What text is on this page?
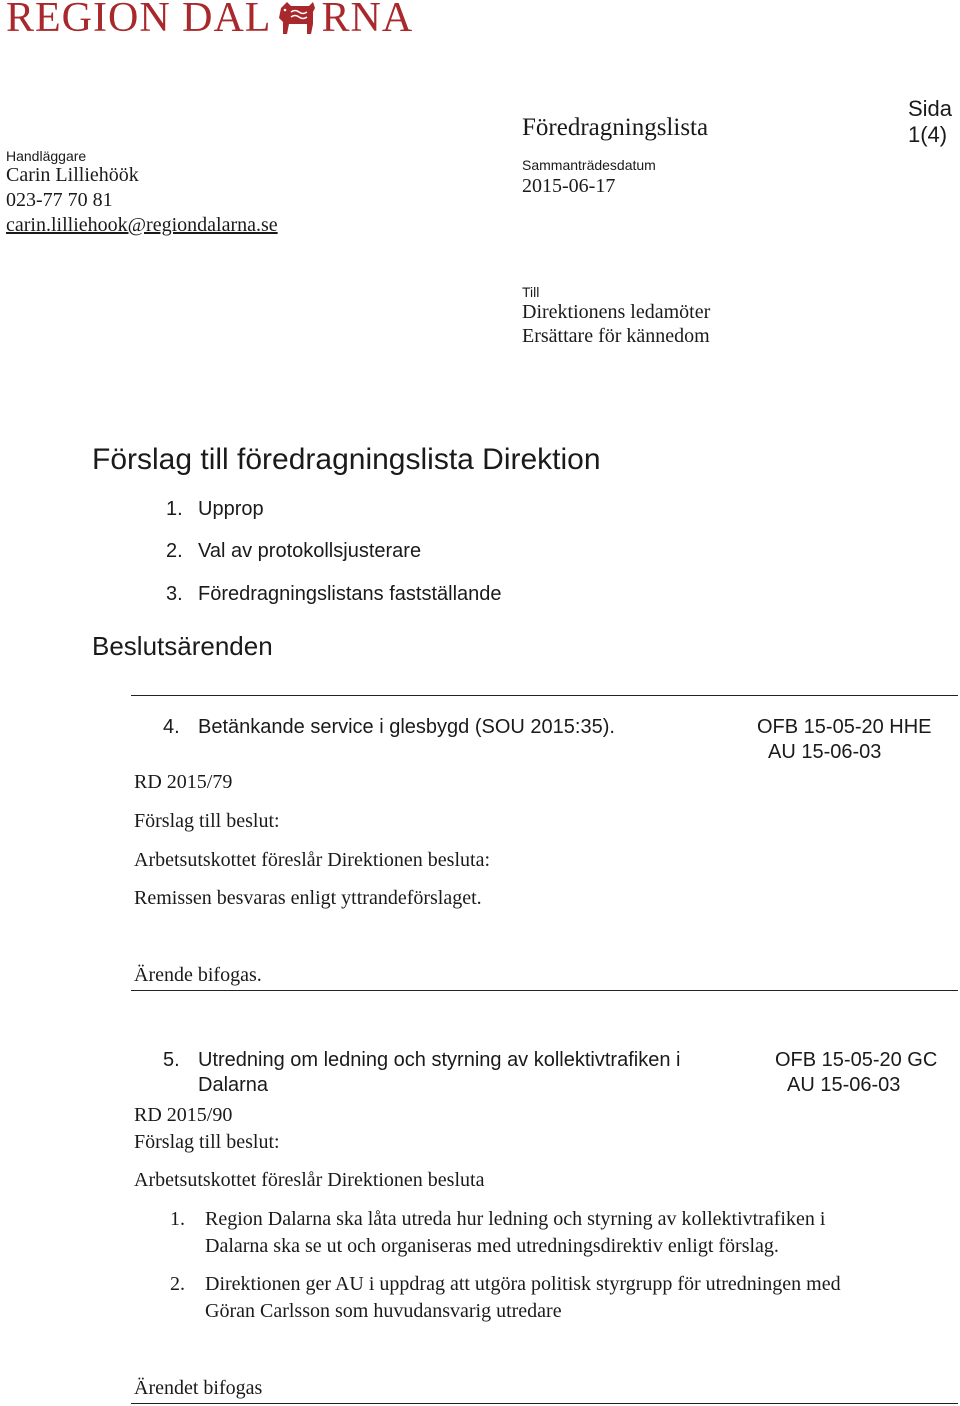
REGION DAL RNA
Handläggare
Carin Lilliehöök
023-77 70 81
carin.lilliehook@regiondalarna.se
Föredragningslista
Sammanträdesdatum
2015-06-17
Sida
1(4)
Till
Direktionens ledamöter
Ersättare för kännedom
Förslag till föredragningslista Direktion
1. Upprop
2. Val av protokollsjusterare
3. Föredragningslistans fastställande
Beslutsärenden
4. Betänkande service i glesbygd (SOU 2015:35).	OFB 15-05-20 HHE
AU 15-06-03
RD 2015/79
Förslag till beslut:
Arbetsutskottet föreslår Direktionen besluta:
Remissen besvaras enligt yttrandeförslaget.
Ärende bifogas.
5. Utredning om ledning och styrning av kollektivtrafiken i
Dalarna
OFB 15-05-20 GC
AU 15-06-03
RD 2015/90
Förslag till beslut:
Arbetsutskottet föreslår Direktionen besluta
1. Region Dalarna ska låta utreda hur ledning och styrning av kollektivtrafiken i
Dalarna ska se ut och organiseras med utredningsdirektiv enligt förslag.
2. Direktionen ger AU i uppdrag att utgöra politisk styrgrupp för utredningen med
Göran Carlsson som huvudansvarig utredare
Ärendet bifogas
